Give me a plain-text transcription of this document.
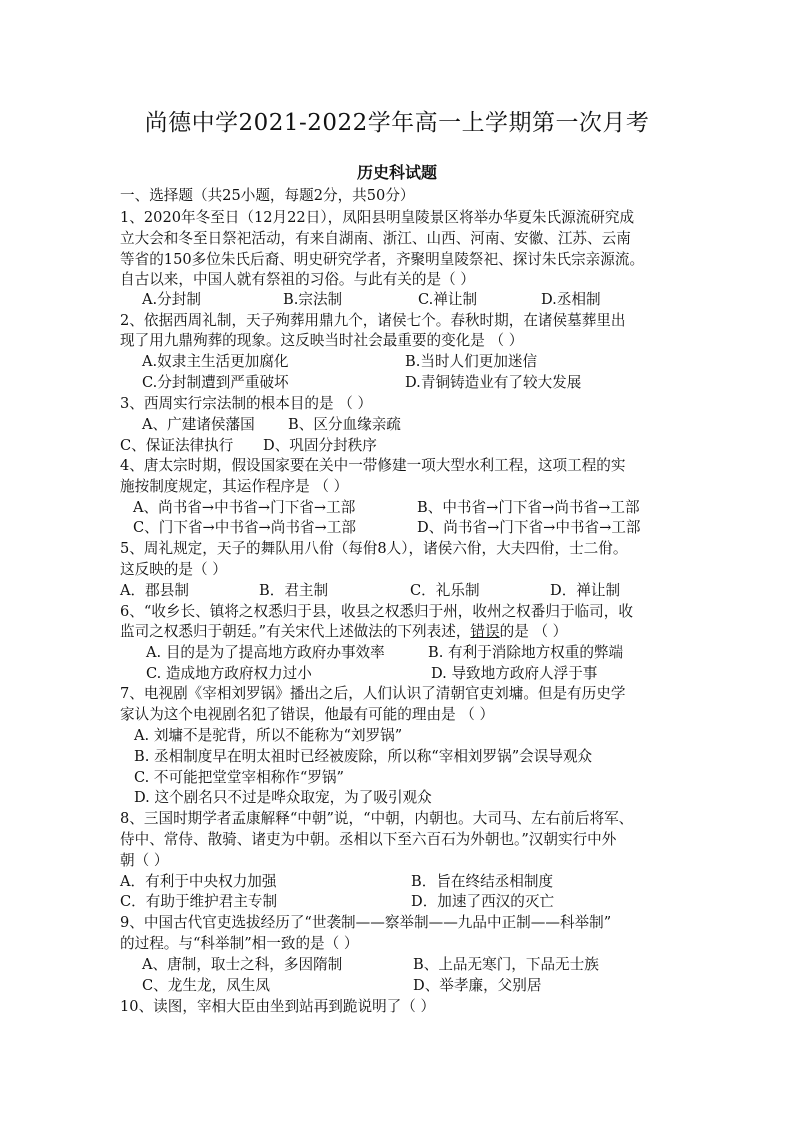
尚德中学2021-2022学年高一上学期第一次月考
历史科试题
一、选择题（共25小题，每题2分，共50分）
1、2020年冬至日（12月22日），凤阳县明皇陵景区将举办华夏朱氏源流研究成
立大会和冬至日祭祀活动，有来自湖南、浙江、山西、河南、安徽、江苏、云南
等省的150多位朱氏后裔、明史研究学者，齐聚明皇陵祭祀、探讨朱氏宗亲源流。
自古以来，中国人就有祭祖的习俗。与此有关的是（ ）
A.分封制	B.宗法制	C.禅让制	D.丞相制
2、依据西周礼制，天子殉葬用鼎九个，诸侯七个。春秋时期，在诸侯墓葬里出
现了用九鼎殉葬的现象。这反映当时社会最重要的变化是 （ ）
A.奴隶主生活更加腐化	B.当时人们更加迷信
C.分封制遭到严重破坏	D.青铜铸造业有了较大发展
3、西周实行宗法制的根本目的是 （ ）
A、广建诸侯藩国 B、区分血缘亲疏
C、保证法律执行 D、巩固分封秩序
4、唐太宗时期，假设国家要在关中一带修建一项大型水利工程，这项工程的实
施按制度规定，其运作程序是 （ ）
A、尚书省→中书省→门下省→工部	B、中书省→门下省→尚书省→工部
C、门下省→中书省→尚书省→工部	D、尚书省→门下省→中书省→工部
5、周礼规定，天子的舞队用八佾（每佾8人），诸侯六佾，大夫四佾，士二佾。
这反映的是（ ）
A．郡县制	B．君主制	C．礼乐制	D．禅让制
6、“收乡长、镇将之权悉归于县，收县之权悉归于州，收州之权番归于临司，收
监司之权悉归于朝廷。”有关宋代上述做法的下列表述，错误的是 （ ）
A. 目的是为了提高地方政府办事效率	B. 有利于消除地方权重的弊端
C. 造成地方政府权力过小	D. 导致地方政府人浮于事
7、电视剧《宰相刘罗锅》播出之后，人们认识了清朝官吏刘墉。但是有历史学
家认为这个电视剧名犯了错误，他最有可能的理由是 （ ）
A. 刘墉不是驼背，所以不能称为“刘罗锅”
B. 丞相制度早在明太祖时已经被废除，所以称“宰相刘罗锅”会误导观众
C. 不可能把堂堂宰相称作“罗锅”
D. 这个剧名只不过是哗众取宠，为了吸引观众
8、三国时期学者孟康解释“中朝”说，“中朝，内朝也。大司马、左右前后将军、
侍中、常侍、散骑、诸吏为中朝。丞相以下至六百石为外朝也。”汉朝实行中外
朝（ ）
A．有利于中央权力加强	B．旨在终结丞相制度
C．有助于维护君主专制	D．加速了西汉的灭亡
9、中国古代官吏选拔经历了“世袭制——察举制——九品中正制——科举制”
的过程。与“科举制”相一致的是（ ）
A、唐制，取士之科，多因隋制	B、上品无寒门，下品无士族
C、龙生龙，凤生凤	D、举孝廉，父别居
10、读图，宰相大臣由坐到站再到跪说明了（ ）
